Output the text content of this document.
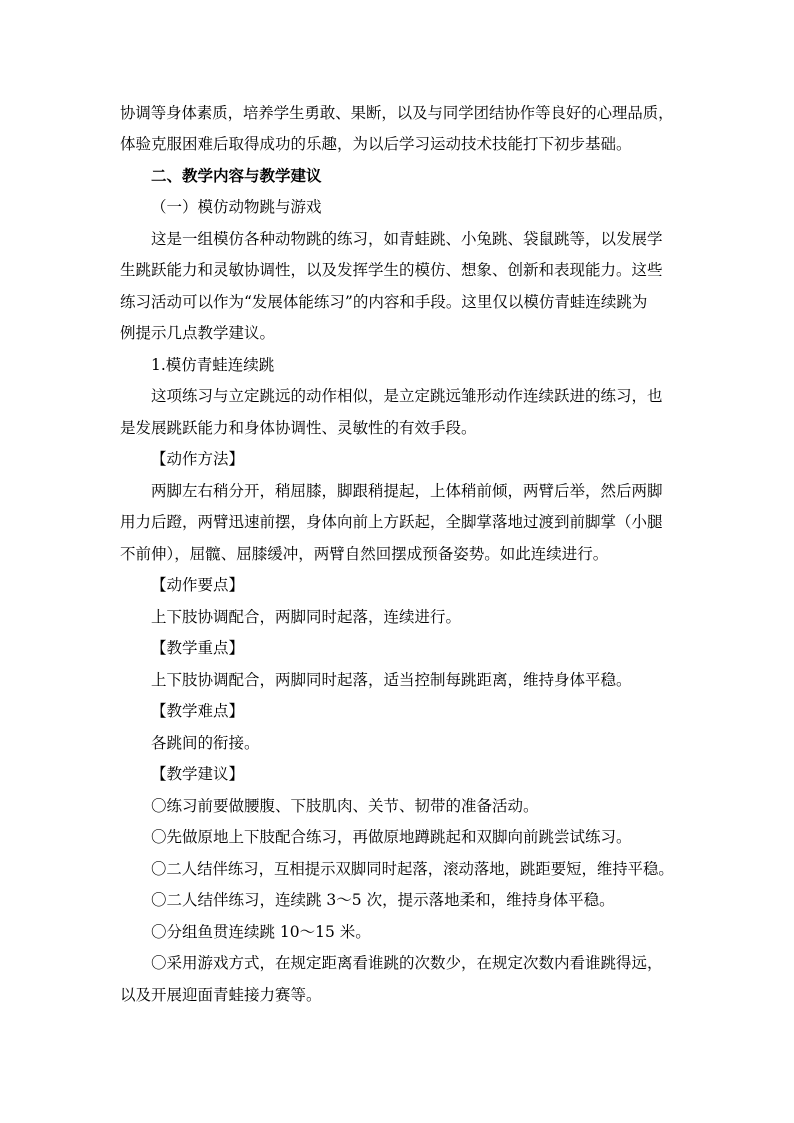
协调等身体素质，培养学生勇敢、果断，以及与同学团结协作等良好的心理品质，
体验克服困难后取得成功的乐趣，为以后学习运动技术技能打下初步基础。
二、教学内容与教学建议
（一）模仿动物跳与游戏
这是一组模仿各种动物跳的练习，如青蛙跳、小兔跳、袋鼠跳等，以发展学
生跳跃能力和灵敏协调性，以及发挥学生的模仿、想象、创新和表现能力。这些
练习活动可以作为“发展体能练习”的内容和手段。这里仅以模仿青蛙连续跳为
例提示几点教学建议。
1.模仿青蛙连续跳
这项练习与立定跳远的动作相似，是立定跳远雏形动作连续跃进的练习，也
是发展跳跃能力和身体协调性、灵敏性的有效手段。
【动作方法】
两脚左右稍分开，稍屈膝，脚跟稍提起，上体稍前倾，两臂后举，然后两脚
用力后蹬，两臂迅速前摆，身体向前上方跃起，全脚掌落地过渡到前脚掌（小腿
不前伸），屈髋、屈膝缓冲，两臂自然回摆成预备姿势。如此连续进行。
【动作要点】
上下肢协调配合，两脚同时起落，连续进行。
【教学重点】
上下肢协调配合，两脚同时起落，适当控制每跳距离，维持身体平稳。
【教学难点】
各跳间的衔接。
【教学建议】
〇练习前要做腰腹、下肢肌肉、关节、韧带的准备活动。
〇先做原地上下肢配合练习，再做原地蹲跳起和双脚向前跳尝试练习。
〇二人结伴练习，互相提示双脚同时起落，滚动落地，跳距要短，维持平稳。
〇二人结伴练习，连续跳 3～5 次，提示落地柔和，维持身体平稳。
〇分组鱼贯连续跳 10～15 米。
〇采用游戏方式，在规定距离看谁跳的次数少，在规定次数内看谁跳得远，
以及开展迎面青蛙接力赛等。
